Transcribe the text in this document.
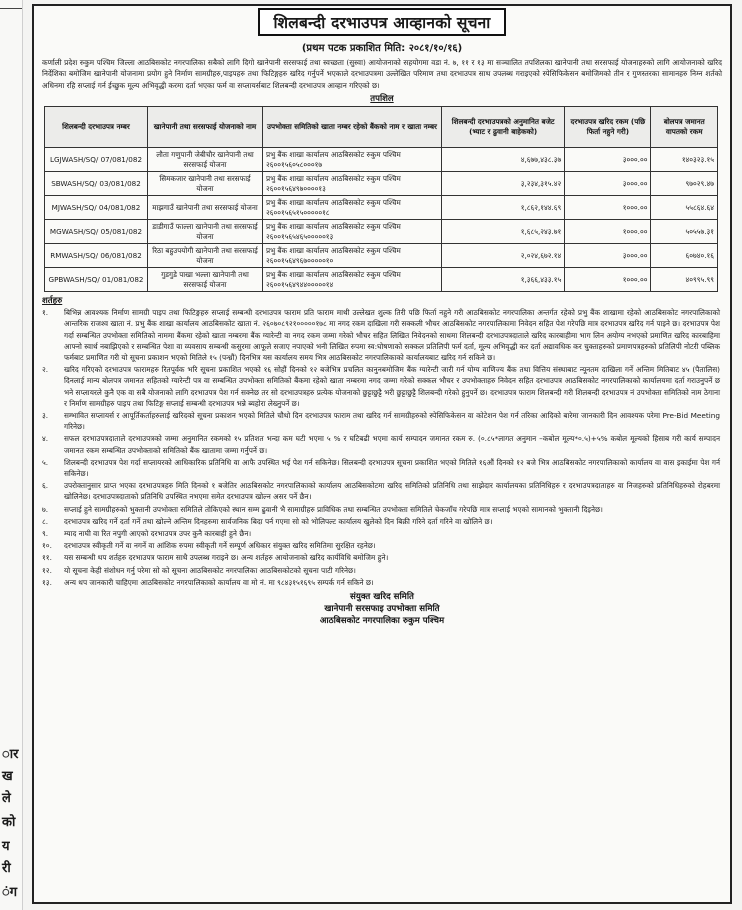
ार
ख
ले
को
य
री
ंग
शिलबन्दी दरभाउपत्र आव्हानको सूचना
(प्रथम पटक प्रकाशित मिति: २०८१/१०/१६)
कर्णाली प्रदेश रुकुम पश्चिम जिल्ला आठबिसकोट नगरपालिका सबैको लागि दिगो खानेपानी सरसफाई तथा स्वच्छता (सुस्वा) आयोजनाको सहयोगमा वडा नं. ७, ११ र १३ मा सञ्चालित तपशिलका खानेपानी तथा सरसफाई योजनाहरुको लागि आयोजनाको खरिद निर्देशिका बमोजिम खानेपानी योजनामा प्रयोग हुने निर्माण सामग्रीहरु,पाइपहरु तथा फिटिङ्गहरु खरिद गर्नुपर्ने भएकाले दरभाउपत्रमा उल्लेखित परिमाण तथा दरभाउपत्र साथ उपलब्ध गराइएको स्पेसिफिकेसन बमोजिमको तीन र गुणस्तरका सामानहरु निम्न शर्तको अधिनमा रहि सप्लाई गर्न ईच्छुक मूल्य अभिवृद्धी करमा दर्ता भएका फर्म वा सप्लायर्सबाट शिलबन्दी दरभाउपत्र आव्हान गरिएको छ।
तपशिल
शिलबन्दी दरभाउपत्र नम्बर	खानेपानी तथा सरसफाई योजनाको नाम	उपभोक्ता समितिको खाता नम्बर रहेको बैंकको नाम र खाता नम्बर	शिलबन्दी दरभाउपत्रको अनुमानित बजेट (भ्याट र ढुवानी बाहेकको)	दरभाउपत्र खरिद रकम (पछि फिर्ता नहुने गरी)	बोलपत्र जमानत वापतको रकम
LGJWASH/SQ/ 07/081/082	लौता गणुपानी जेबीचौर खानेपानी तथा सरसफाई योजना	प्रभु बैंक शाखा कार्यालय आठबिसकोट रुकुम पश्चिम २६००१५६०५८०००१७	४,६७७,४३८.३७	३०००.००	१४०३२३.१५
SBWASH/SQ/ 03/081/082	सिमकजार खानेपानी तथा सरसफाई योजना	प्रभु बैंक शाखा कार्यालय आठबिसकोट रुकुम पश्चिम २६००१५६४९७००००१३	३,२३४,३१५.४२	३०००.००	९७०२९.४७
MJWASH/SQ/ 04/081/082	माझगाउँ खानेपानी तथा सरसफाई योजना	प्रभु बैंक शाखा कार्यालय आठबिसकोट रुकुम पश्चिम २६००१५६५१५०००००१८	१,८६२,१४४.६९	१०००.००	५५८६४.६४
MGWASH/SQ/ 05/081/082	डाडीगाउँ फाल्ला खानेपानी तथा सरसफाई योजना	प्रभु बैंक शाखा कार्यालय आठबिसकोट रुकुम पश्चिम २६००१५६५४६५०००००१३	१,६८५,२४३.७१	१०००.००	५०५५७.३१
RMWASH/SQ/ 06/081/082	रिठा बहुउपयोगी खानेपानी तथा सरसफाई योजना	प्रभु बैंक शाखा कार्यालय आठबिसकोट रुकुम पश्चिम २६००१५६४९६७०००००१०	२,०२४,६७२.१४	३०००.००	६०७४०.१६
GPBWASH/SQ/ 01/081/082	गुडगुडे पाखा भल्ला खानेपानी तथा सरसफाई योजना	प्रभु बैंक शाखा कार्यालय आठबिसकोट रुकुम पश्चिम २६००१५६४९४४०००००१४	१,३६६,४३३.१५	१०००.००	४०९९५.९९
शर्तहरु
१.	बिभिन्न आवश्यक निर्माण सामग्री पाइप तथा फिटिङ्गहरु सप्लाई सम्बन्धी दरभाउपत्र फाराम प्रति फाराम माथी उल्लेखत शुल्क तिरी पछि फिर्ता नहुने गरी आठबिसकोट नगरपालिका अन्तर्गत रहेको प्रभु बैंक शाखामा रहेको आठबिसकोट नगरपालिकाको आन्तरिक राजश्व खाता नं. प्रभु बैंक शाखा कार्यालय आठबिसकोट खाता नं. २६०७०८९२१०००००१७८ मा नगद रकम दाखिला गरी सक्कली भौचर आठबिसकोट नगरपालिकामा निवेदन सहित पेश गरेपछि मात्र दरभाउपत्र खरिद गर्न पाइने छ। दरभाउपत्र पेश गर्दा सम्बन्धित उपभोक्ता समितिको नाममा बैंकमा रहेको खाता नम्बरमा बैंक ग्यारेन्टी वा नगद रकम जम्मा गरेको भौचर सहित लिखित निवेदनको साथमा शिलबन्दी दरभाउपत्रदाताले खरिद कारबाहीमा भाग लिन अयोग्य नभएको प्रमाणित खरिद कारबाहिमा आफ्नो स्वार्थ नबाझिएको र सम्बन्धित पेशा वा व्यवसाय सम्बन्धी कसुरमा आफूले सजाए नपाएको भनी लिखित रुपमा स्व:घोषणाको सक्कल प्रतिलिपी फर्म दर्ता, मूल्य अभिवृद्धी कर दर्ता अद्यावधिक कर चुक्ताहरुको प्रमाणपत्रहरुको प्रतिलिपी नोटरी पब्लिक फर्मबाट प्रमाणित गरी यो सूचना प्रकाशन भएको मितिले १५ (पन्ध्रौं) दिनभित्र यस कार्यालय समय भित्र आठबिसकोट नगरपालिकाको कार्यालयबाट खरिद गर्न सकिने छ।
२.	खरिद गरिएको दरभाउपत्र फारामहरु रितपूर्वक भरि सूचना प्रकाशित भएको १६ सोहौं दिनको १२ बजेभित्र प्रचलित कानुनबमोजिम बैंक ग्यारेन्टी जारी गर्न योग्य वाणिज्य बैंक तथा वित्तिय संस्थाबाट न्यूनतम दाखिला गर्ने अन्तिम मितिबाट ४५ (पैतालिस) दिनलाई मान्य बोलपत्र जमानत सहितको ग्यारेन्टी पत्र वा सम्बन्धित उपभोक्ता समितिको बैंकमा रहेको खाता नम्बरमा नगद जम्मा गरेको सक्कल भौचर र उपभोक्ताहरु निवेदन सहित दरभाउपत्र आठबिसकोट नगरपालिकाको कार्यालयमा दर्ता गराउनुपर्ने छ भने सप्लायरले कुनै एक वा सबै योजनाको लागि दरभाउपत्र पेश गर्न सक्नेछ तर सो दरभाउपत्रहरु प्रत्येक योजनाको छुट्टाछुट्टै भरी छुट्टाछुट्टै शिलबन्दी गरेको हुनुपर्ने छ। दरभाउपत्र फाराम शिलबन्दी गरी शिलबन्दी दरभाउपत्र नं उपभोक्ता समितिको नाम ठेगाना र निर्माण सामग्रीहरु पाइप तथा फिटिङ्ग सप्लाई सम्बन्धी दरभाउपत्र भन्ने ब्यहोरा लेख्नुपर्ने छ।
३.	सम्भावित सप्लायर्स र आपूर्तिकर्ताहरुलाई खरिदको सूचना प्रकाशन भएको मितिले चौथो दिन दरभाउपत्र फाराम तथा खरिद गर्न सामग्रीहरुको स्पेसिफिकेसन वा कोटेशन पेश गर्न तरिका आदिको बारेमा जानकारी दिन आवश्यक परेमा Pre-Bid Meeting गरिनेछ।
४.	सफल दरभाउपत्रदाताले दरभाउपत्रको जम्मा अनुमानित रकमको १५ प्रतिशत भन्दा कम घटी भएमा ५ % र घटिबढी भएमा कार्य सम्पादन जमानत रकम रु. (०.८५*लागत अनुमान –कबोल मूल्य*०.५)+५% कबोल मूल्यको हिसाब गरी कार्य सम्पादन जमानत रकम सम्बन्धित उपभोक्ताको समितिको बैंक खातामा जम्मा गर्नुपर्ने छ।
५.	शिलबन्दी दरभाउपत्र पेश गर्दा सप्लायरको आधिकारिक प्रतिनिधि वा आफै उपस्थित भई पेश गर्न सकिनेछ। सिलबन्दी दरभाउपत्र सूचना प्रकाशित भएको मितिले १६औं दिनको १२ बजे भित्र आठबिसकोट नगरपालिकाको कार्यालय वा वास इकाईमा पेश गर्न सकिनेछ।
६.	उपरोक्तानुसार प्राप्त भएका दरभाउपत्रहरु मिति दिनको १ बजेतिर आठबिसकोट नगरपालिकाको कार्यालय आठबिसकोटमा खरिद समितिको प्रतिनिधि तथा साझेदार कार्यालयका प्रतिनिधिहरु र दरभाउपत्रदाताहरु वा निजहरुको प्रतिनिधिहरुको रोहबरमा खोलिनेछ। दरभाउपत्रदाताको प्रतिनिधि उपस्थित नभएमा समेत दरभाउपत्र खोल्न असर पर्ने छैन।
७.	सप्लाई हुने सामग्रीहरुको भुक्तानी उपभोक्ता समितिले तोकिएको स्थान सम्म ढुवानी भै सामाग्रीहरु प्राविधिक तथा सम्बन्धित उपभोक्ता समितिले चेकजाँच गरेपछि मात्र सप्लाई भएको सामानको भुक्तानी दिइनेछ।
८.	दरभाउपत्र खरिद गर्ने दर्ता गर्ने तथा खोल्ने अन्तिम दिनहरुमा सार्वजनिक बिदा पर्न गएमा सो को भोलिपल्ट कार्यालय खुलेको दिन बिक्री गरिने दर्ता गरिने वा खोलिने छ।
९.	म्याद नाघी वा रित नपुगी आएको दरभाउपत्र उपर कुनै कारबाही हुने छैन।
१०.	दरभाउपत्र स्वीकृती गर्ने वा नगर्ने वा आंशिक रुपमा स्वीकृती गर्ने सम्पूर्ण अधिकार संयुक्त खरिद समितिमा सुरक्षित रहनेछ।
११.	यस सम्बन्धी थप शर्तहरु दरभाउपत्र फाराम साथै उपलब्ध गराइने छ। अन्य शर्तहरु आयोजनाको खरिद कार्यविधि बमोजिम हुने।
१२.	यो सूचना केही संशोधन गर्नु परेमा सो को सूचना आठबिसकोट नगरपालिका आठबिसकोटको सूचना पाटी गरिनेछ।
१३.	अन्य थप जानकारी चाहिएमा आठबिसकोट नगरपालिकाको कार्यालय वा मो नं. मा ९८४३१५१६९५ सम्पर्क गर्न सकिने छ।
संयुक्त खरिद समिति
खानेपानी सरसफाइ उपभोक्ता समिति
आठबिसकोट नगरपालिका रुकुम पश्चिम
